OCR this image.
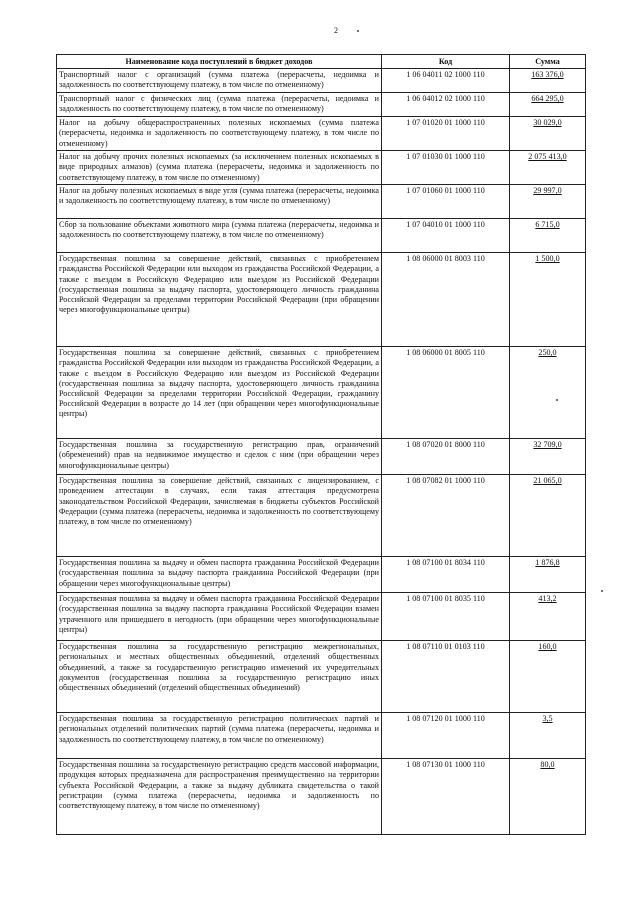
2
Наименование кода поступлений в бюджет доходов	Код	Сумма
Транспортный налог с организаций (сумма платежа (перерасчеты, недоимка и задолженность по соответствующему платежу, в том числе по отмененному)	1 06 04011 02 1000 110	163 376,0
Транспортный налог с физических лиц (сумма платежа (перерасчеты, недоимка и задолженность по соответствующему платежу, в том числе по отмененному)	1 06 04012 02 1000 110	664 295,0
Налог на добычу общераспространенных полезных ископаемых (сумма платежа (перерасчеты, недоимка и задолженность по соответствующему платежу, в том числе по отмененному)	1 07 01020 01 1000 110	30 029,0
Налог на добычу прочих полезных ископаемых (за исключением полезных ископаемых в виде природных алмазов) (сумма платежа (перерасчеты, недоимка и задолженность по соответствующему платежу, в том числе по отмененному)	1 07 01030 01 1000 110	2 075 413,0
Налог на добычу полезных ископаемых в виде угля (сумма платежа (перерасчеты, недоимка и задолженность по соответствующему платежу, в том числе по отмененному)	1 07 01060 01 1000 110	29 997,0
Сбор за пользование объектами животного мира (сумма платежа (перерасчеты, недоимка и задолженность по соответствующему платежу, в том числе по отмененному)	1 07 04010 01 1000 110	6 715,0
Государственная пошлина за совершение действий, связанных с приобретением гражданства Российской Федерации или выходом из гражданства Российской Федерации, а также с въездом в Российскую Федерацию или выездом из Российской Федерации (государственная пошлина за выдачу паспорта, удостоверяющего личность гражданина Российской Федерации за пределами территории Российской Федерации (при обращении через многофункциональные центры)	1 08 06000 01 8003 110	1 500,0
Государственная пошлина за совершение действий, связанных с приобретением гражданства Российской Федерации или выходом из гражданства Российской Федерации, а также с въездом в Российскую Федерацию или выездом из Российской Федерации (государственная пошлина за выдачу паспорта, удостоверяющего личность гражданина Российской Федерации за пределами территории Российской Федерации, гражданину Российской Федерации в возрасте до 14 лет (при обращении через многофункциональные центры)	1 08 06000 01 8005 110	250,0
Государственная пошлина за государственную регистрацию прав, ограничений (обременений) прав на недвижимое имущество и сделок с ним (при обращении через многофункциональные центры)	1 08 07020 01 8000 110	32 709,0
Государственная пошлина за совершение действий, связанных с лицензированием, с проведением аттестации в случаях, если такая аттестация предусмотрена законодательством Российской Федерации, зачисляемая в бюджеты субъектов Российской Федерации (сумма платежа (перерасчеты, недоимка и задолженность по соответствующему платежу, в том числе по отмененному)	1 08 07082 01 1000 110	21 065,0
Государственная пошлина за выдачу и обмен паспорта гражданина Российской Федерации (государственная пошлина за выдачу паспорта гражданина Российской Федерации (при обращении через многофункциональные центры)	1 08 07100 01 8034 110	1 876,8
Государственная пошлина за выдачу и обмен паспорта гражданина Российской Федерации (государственная пошлина за выдачу паспорта гражданина Российской Федерации взамен утраченного или пришедшего в негодность (при обращении через многофункциональные центры)	1 08 07100 01 8035 110	413,2
Государственная пошлина за государственную регистрацию межрегиональных, региональных и местных общественных объединений, отделений общественных объединений, а также за государственную регистрацию изменений их учредительных документов (государственная пошлина за государственную регистрацию иных общественных объединений (отделений общественных объединений)	1 08 07110 01 0103 110	160,0
Государственная пошлина за государственную регистрацию политических партий и региональных отделений политических партий (сумма платежа (перерасчеты, недоимка и задолженность по соответствующему платежу, в том числе по отмененному)	1 08 07120 01 1000 110	3,5
Государственная пошлина за государственную регистрацию средств массовой информации, продукция которых предназначена для распространения преимущественно на территории субъекта Российской Федерации, а также за выдачу дубликата свидетельства о такой регистрации (сумма платежа (перерасчеты, недоимка и задолженность по соответствующему платежу, в том числе по отмененному)	1 08 07130 01 1000 110	80,0
